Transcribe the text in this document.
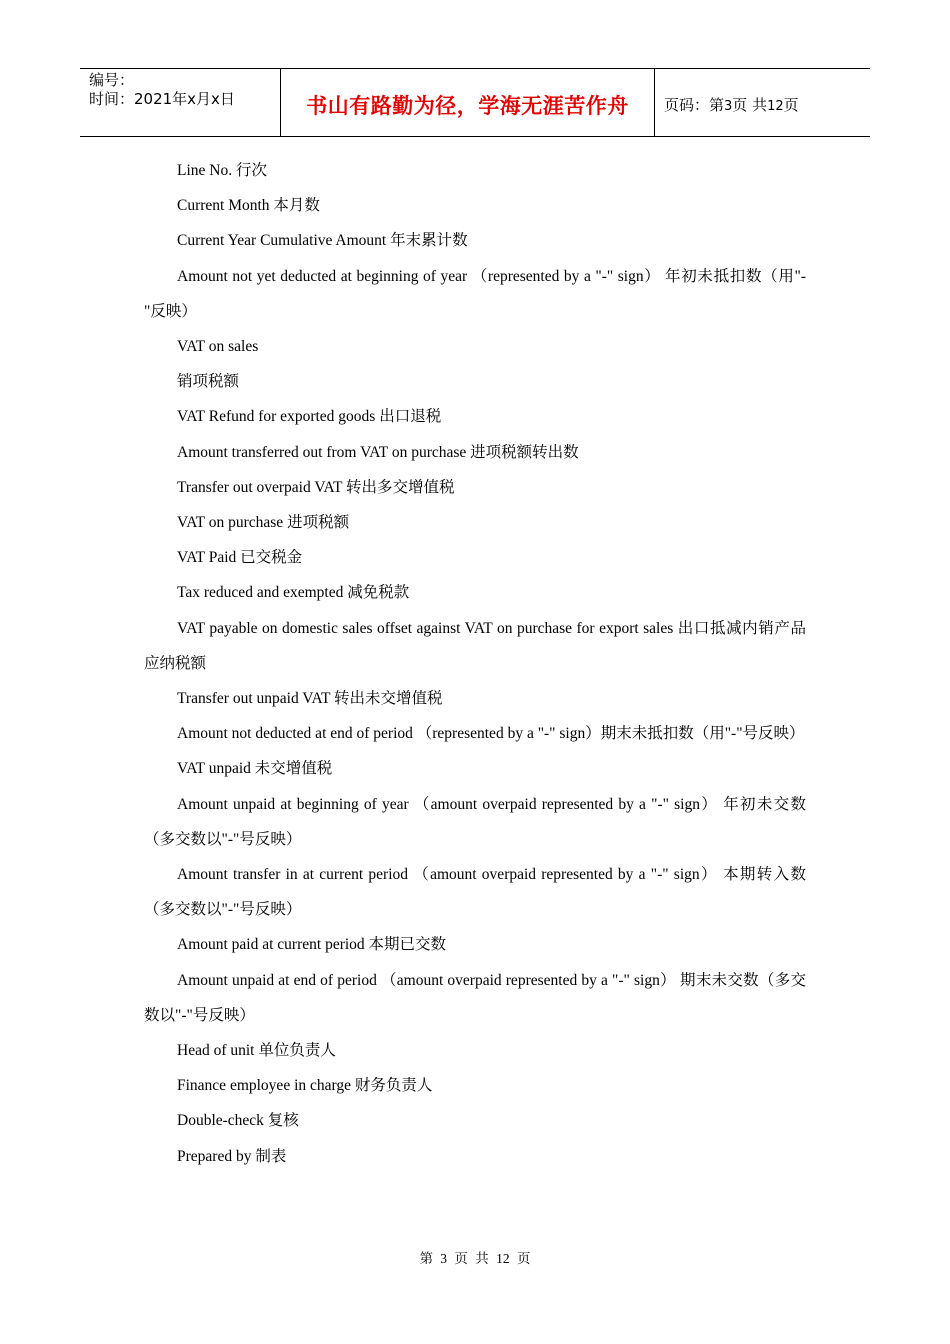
编号：
时间：2021年x月x日	书山有路勤为径，学海无涯苦作舟	页码：第3页 共12页

Line No. 行次

Current Month 本月数

Current Year Cumulative Amount 年末累计数

Amount not yet deducted at beginning of year （represented by a "-" sign） 年初未抵扣数（用"-"反映）

VAT on sales

销项税额

VAT Refund for exported goods 出口退税

Amount transferred out from VAT on purchase 进项税额转出数

Transfer out overpaid VAT 转出多交增值税

VAT on purchase 进项税额

VAT Paid 已交税金

Tax reduced and exempted 减免税款

VAT payable on domestic sales offset against VAT on purchase for export sales 出口抵减内销产品应纳税额

Transfer out unpaid VAT 转出未交增值税

Amount not deducted at end of period （represented by a "-" sign）期末未抵扣数（用"-"号反映）

VAT unpaid 未交增值税

Amount unpaid at beginning of year （amount overpaid represented by a "-" sign） 年初未交数（多交数以"-"号反映）

Amount transfer in at current period （amount overpaid represented by a "-" sign） 本期转入数（多交数以"-"号反映）

Amount paid at current period 本期已交数

Amount unpaid at end of period （amount overpaid represented by a "-" sign） 期末未交数（多交数以"-"号反映）

Head of unit 单位负责人

Finance employee in charge 财务负责人

Double-check 复核

Prepared by 制表

第 3 页 共 12 页
